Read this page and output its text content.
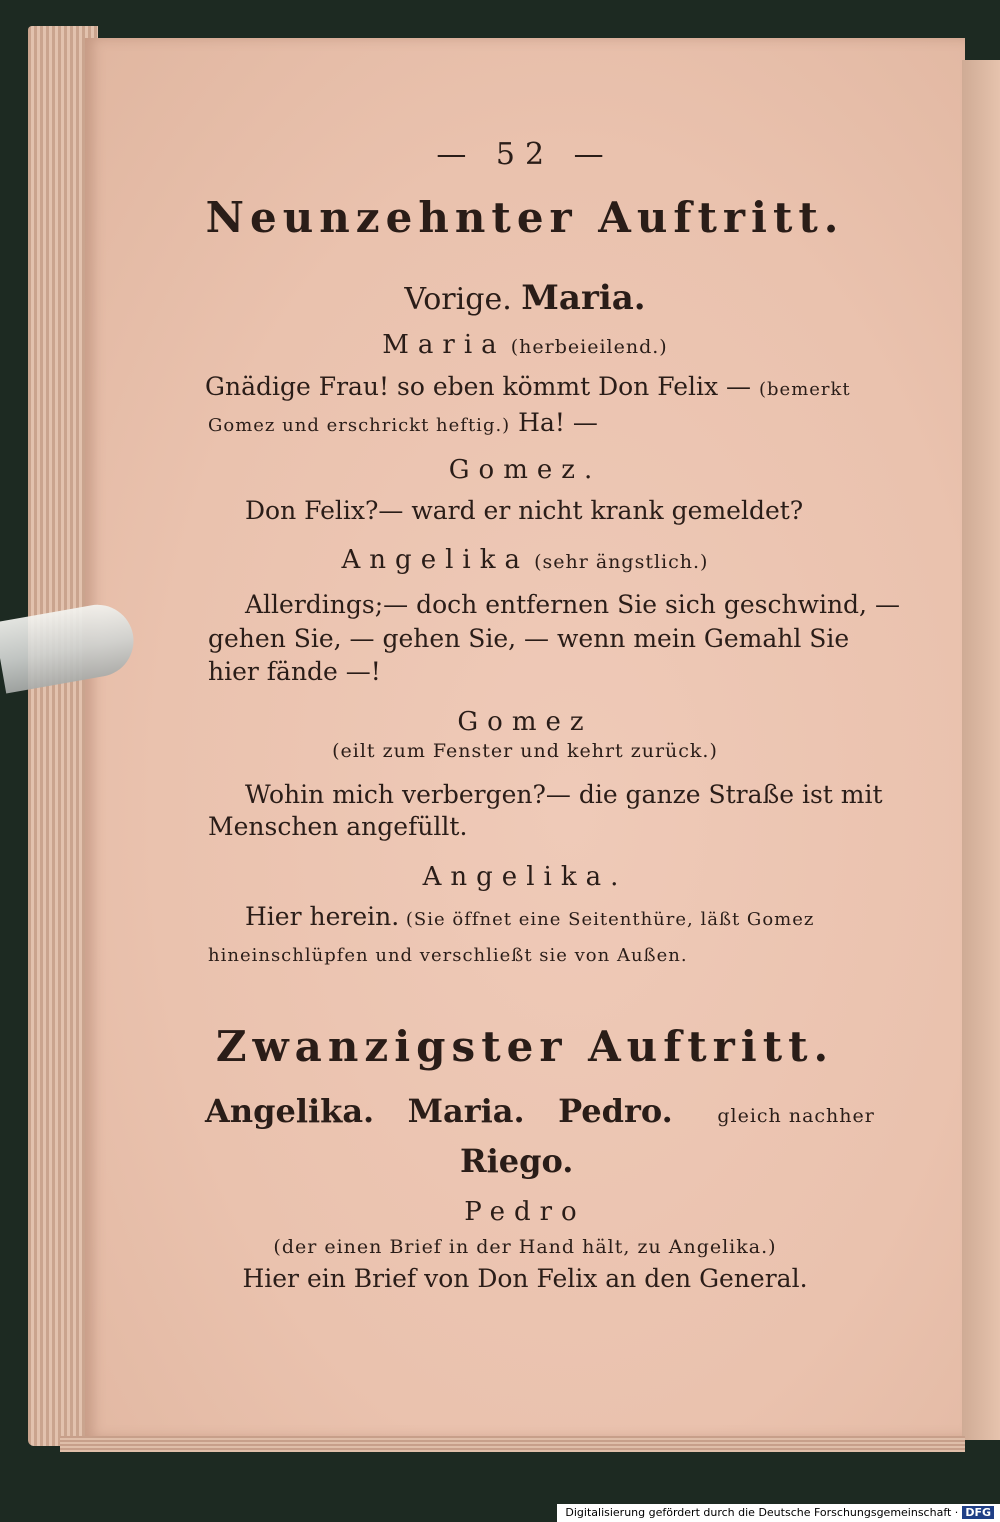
— 52 —
Neunzehnter Auftritt.
Vorige. Maria.
Maria (herbeieilend.)
Gnädige Frau! so eben kömmt Don Felix — (bemerkt
Gomez und erschrickt heftig.) Ha! —
Gomez.
Don Felix?— ward er nicht krank gemeldet?
Angelika (sehr ängstlich.)
Allerdings;— doch entfernen Sie sich geschwind, —
gehen Sie, — gehen Sie, — wenn mein Gemahl Sie
hier fände —!
Gomez
(eilt zum Fenster und kehrt zurück.)
Wohin mich verbergen?— die ganze Straße ist mit
Menschen angefüllt.
Angelika.
Hier herein. (Sie öffnet eine Seitenthüre, läßt Gomez
hineinschlüpfen und verschließt sie von Außen.
Zwanzigster Auftritt.
Angelika. Maria. Pedro. gleich nachher
Riego.
Pedro
(der einen Brief in der Hand hält, zu Angelika.)
Hier ein Brief von Don Felix an den General.
Digitalisierung gefördert durch die Deutsche Forschungsgemeinschaft · DFG
